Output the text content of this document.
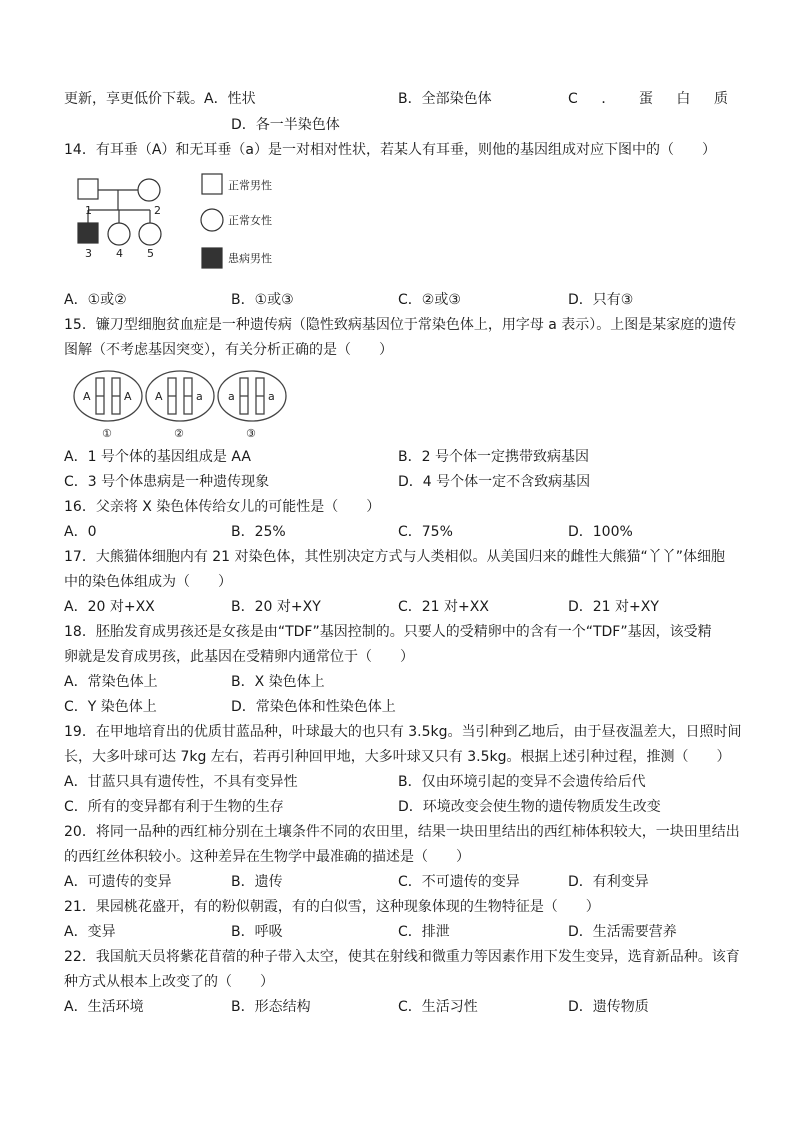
更新，享更低价下载。A．性状	B．全部染色体	C ． 蛋 白 质
D．各一半染色体
14．有耳垂（A）和无耳垂（a）是一对相对性状，若某人有耳垂，则他的基因组成对应下图中的（　　）
1	2
3 4 5
正常男性
正常女性
患病男性
A．①或②	B．①或③	C．②或③	D．只有③
15．镰刀型细胞贫血症是一种遗传病（隐性致病基因位于常染色体上，用字母 a 表示）。上图是某家庭的遗传
图解（不考虑基因突变），有关分析正确的是（　　）
A	A A	a a	a
①	②	③
A．1 号个体的基因组成是 AA	B．2 号个体一定携带致病基因
C．3 号个体患病是一种遗传现象	D．4 号个体一定不含致病基因
16．父亲将 X 染色体传给女儿的可能性是（　　）
A．0	B．25%	C．75%	D．100%
17．大熊猫体细胞内有 21 对染色体，其性别决定方式与人类相似。从美国归来的雌性大熊猫“丫丫”体细胞
中的染色体组成为（　　）
A．20 对+XX	B．20 对+XY	C．21 对+XX	D．21 对+XY
18．胚胎发育成男孩还是女孩是由“TDF”基因控制的。只要人的受精卵中的含有一个“TDF”基因，该受精
卵就是发育成男孩，此基因在受精卵内通常位于（　　）
A．常染色体上	B．X 染色体上
C．Y 染色体上	D．常染色体和性染色体上
19．在甲地培育出的优质甘蓝品种，叶球最大的也只有 3.5kg。当引种到乙地后，由于昼夜温差大，日照时间
长，大多叶球可达 7kg 左右，若再引种回甲地，大多叶球又只有 3.5kg。根据上述引种过程，推测（　　）
A．甘蓝只具有遗传性，不具有变异性	B．仅由环境引起的变异不会遗传给后代
C．所有的变异都有利于生物的生存	D．环境改变会使生物的遗传物质发生改变
20．将同一品种的西红柿分别在土壤条件不同的农田里，结果一块田里结出的西红柿体积较大，一块田里结出
的西红丝体积较小。这种差异在生物学中最准确的描述是（　　）
A．可遗传的变异	B．遗传	C．不可遗传的变异	D．有利变异
21．果园桃花盛开，有的粉似朝霞，有的白似雪，这种现象体现的生物特征是（　　）
A．变异	B．呼吸	C．排泄	D．生活需要营养
22．我国航天员将紫花苜蓿的种子带入太空，使其在射线和微重力等因素作用下发生变异，选育新品种。该育
种方式从根本上改变了的（　　）
A．生活环境	B．形态结构	C．生活习性	D．遗传物质
